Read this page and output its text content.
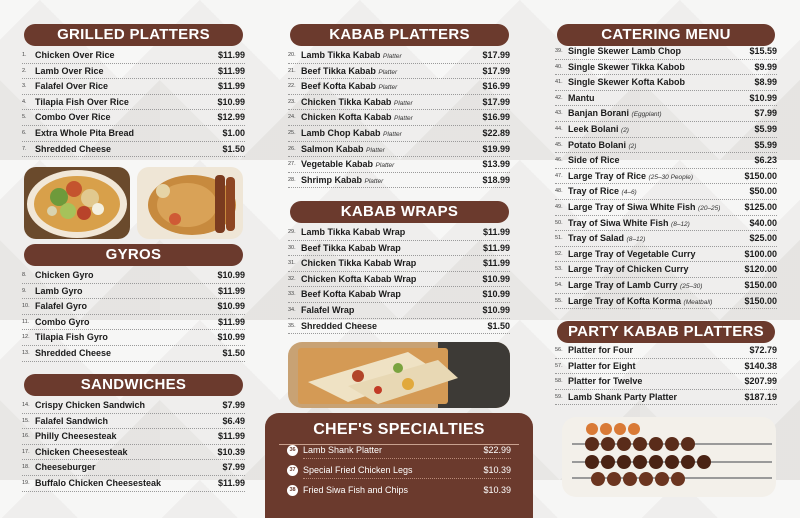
GRILLED PLATTERS
1. Chicken Over Rice	$11.99
2. Lamb Over Rice	$11.99
3. Falafel Over Rice	$11.99
4. Tilapia Fish Over Rice	$10.99
5. Combo Over Rice	$12.99
6. Extra Whole Pita Bread	$1.00
7. Shredded Cheese	$1.50
GYROS
8. Chicken Gyro	$10.99
9. Lamb Gyro	$11.99
10. Falafel Gyro	$10.99
11. Combo Gyro	$11.99
12. Tilapia Fish Gyro	$10.99
13. Shredded Cheese	$1.50
SANDWICHES
14. Crispy Chicken Sandwich	$7.99
15. Falafel Sandwich	$6.49
16. Philly Cheesesteak	$11.99
17. Chicken Cheesesteak	$10.39
18. Cheeseburger	$7.99
19. Buffalo Chicken Cheesesteak	$11.99
KABAB PLATTERS
20. Lamb Tikka Kabab Platter	$17.99
21. Beef Tikka Kabab Platter	$17.99
22. Beef Kofta Kabab Platter	$16.99
23. Chicken Tikka Kabab Platter	$17.99
24. Chicken Kofta Kabab Platter	$16.99
25. Lamb Chop Kabab Platter	$22.89
26. Salmon Kabab Platter	$19.99
27. Vegetable Kabab Platter	$13.99
28. Shrimp Kabab Platter	$18.99
KABAB WRAPS
29. Lamb Tikka Kabab Wrap	$11.99
30. Beef Tikka Kabab Wrap	$11.99
31. Chicken Tikka Kabab Wrap	$11.99
32. Chicken Kofta Kabab Wrap	$10.99
33. Beef Kofta Kabab Wrap	$10.99
34. Falafel Wrap	$10.99
35. Shredded Cheese	$1.50
CHEF'S SPECIALTIES
36 Lamb Shank Platter	$22.99
37 Special Fried Chicken Legs	$10.39
38 Fried Siwa Fish and Chips	$10.39
CATERING MENU
39. Single Skewer Lamb Chop	$15.59
40. Single Skewer Tikka Kabob	$9.99
41. Single Skewer Kofta Kabob	$8.99
42. Mantu	$10.99
43. Banjan Borani (Eggplant)	$7.99
44. Leek Bolani (2)	$5.99
45. Potato Bolani (2)	$5.99
46. Side of Rice	$6.23
47. Large Tray of Rice (25–30 People)	$150.00
48. Tray of Rice (4–6)	$50.00
49. Large Tray of Siwa White Fish (20–25)	$125.00
50. Tray of Siwa White Fish (8–12)	$40.00
51. Tray of Salad (8–12)	$25.00
52. Large Tray of Vegetable Curry	$100.00
53. Large Tray of Chicken Curry	$120.00
54. Large Tray of Lamb Curry (25–30)	$150.00
55. Large Tray of Kofta Korma (Meatball)	$150.00
PARTY KABAB PLATTERS
56. Platter for Four	$72.79
57. Platter for Eight	$140.38
58. Platter for Twelve	$207.99
59. Lamb Shank Party Platter	$187.19
